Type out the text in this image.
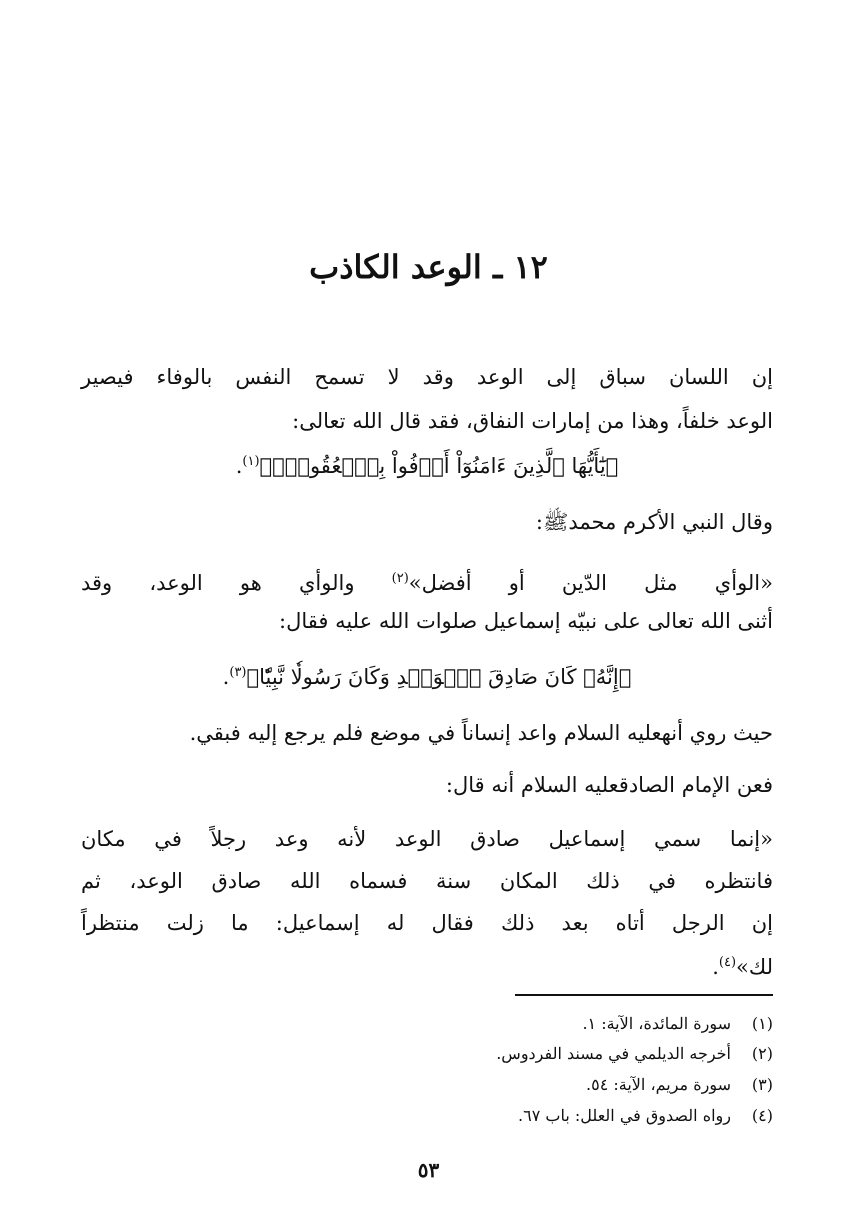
١٢ ـ الوعد الكاذب
إن اللسان سباق إلى الوعد وقد لا تسمح النفس بالوفاء فيصير
الوعد خلفاً، وهذا من إمارات النفاق، فقد قال الله تعالى:
﴿يَٰٓأَيُّهَا ٱلَّذِينَ ءَامَنُوٓاْ أَوۡفُواْ بِٱلۡعُقُودِۚ﴾$^{(١)}$.
وقال النبي الأكرم محمدﷺ:
«الوأي مثل الدّين أو أفضل»$^{(٢)}$ والوأي هو الوعد، وقد
أثنى الله تعالى على نبيّه إسماعيل صلوات الله عليه فقال:
﴿إِنَّهُۥ كَانَ صَادِقَ ٱلۡوَعۡدِ وَكَانَ رَسُولٗا نَّبِيّٗا﴾$^{(٣)}$.
حيث روي أنهعليه السلام واعد إنساناً في موضع فلم يرجع إليه فبقي.
فعن الإمام الصادقعليه السلام أنه قال:
«إنما سمي إسماعيل صادق الوعد لأنه وعد رجلاً في مكان
فانتظره في ذلك المكان سنة فسماه الله صادق الوعد، ثم
إن الرجل أتاه بعد ذلك فقال له إسماعيل: ما زلت منتظراً
لك»$^{(٤)}$.
(١)سورة المائدة، الآية: ١.
(٢)أخرجه الديلمي في مسند الفردوس.
(٣)سورة مريم، الآية: ٥٤.
(٤)رواه الصدوق في العلل: باب ٦٧.
٥٣
